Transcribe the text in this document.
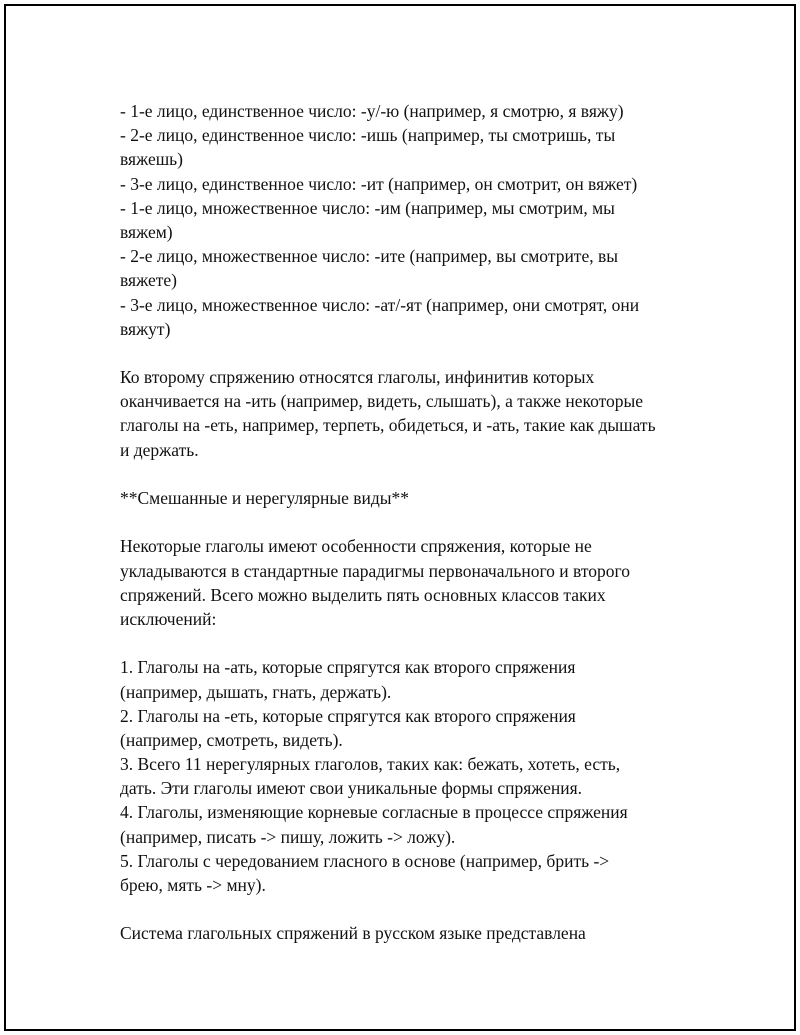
- 1-е лицо, единственное число: -у/-ю (например, я смотрю, я вяжу)
- 2-е лицо, единственное число: -ишь (например, ты смотришь, ты
вяжешь)
- 3-е лицо, единственное число: -ит (например, он смотрит, он вяжет)
- 1-е лицо, множественное число: -им (например, мы смотрим, мы
вяжем)
- 2-е лицо, множественное число: -ите (например, вы смотрите, вы
вяжете)
- 3-е лицо, множественное число: -ат/-ят (например, они смотрят, они
вяжут)
Ко второму спряжению относятся глаголы, инфинитив которых
оканчивается на -ить (например, видеть, слышать), а также некоторые
глаголы на -еть, например, терпеть, обидеться, и -ать, такие как дышать
и держать.
**Смешанные и нерегулярные виды**
Некоторые глаголы имеют особенности спряжения, которые не
укладываются в стандартные парадигмы первоначального и второго
спряжений. Всего можно выделить пять основных классов таких
исключений:
1. Глаголы на -ать, которые спрягутся как второго спряжения
(например, дышать, гнать, держать).
2. Глаголы на -еть, которые спрягутся как второго спряжения
(например, смотреть, видеть).
3. Всего 11 нерегулярных глаголов, таких как: бежать, хотеть, есть,
дать. Эти глаголы имеют свои уникальные формы спряжения.
4. Глаголы, изменяющие корневые согласные в процессе спряжения
(например, писать -> пишу, ложить -> ложу).
5. Глаголы с чередованием гласного в основе (например, брить ->
брею, мять -> мну).
Система глагольных спряжений в русском языке представлена
